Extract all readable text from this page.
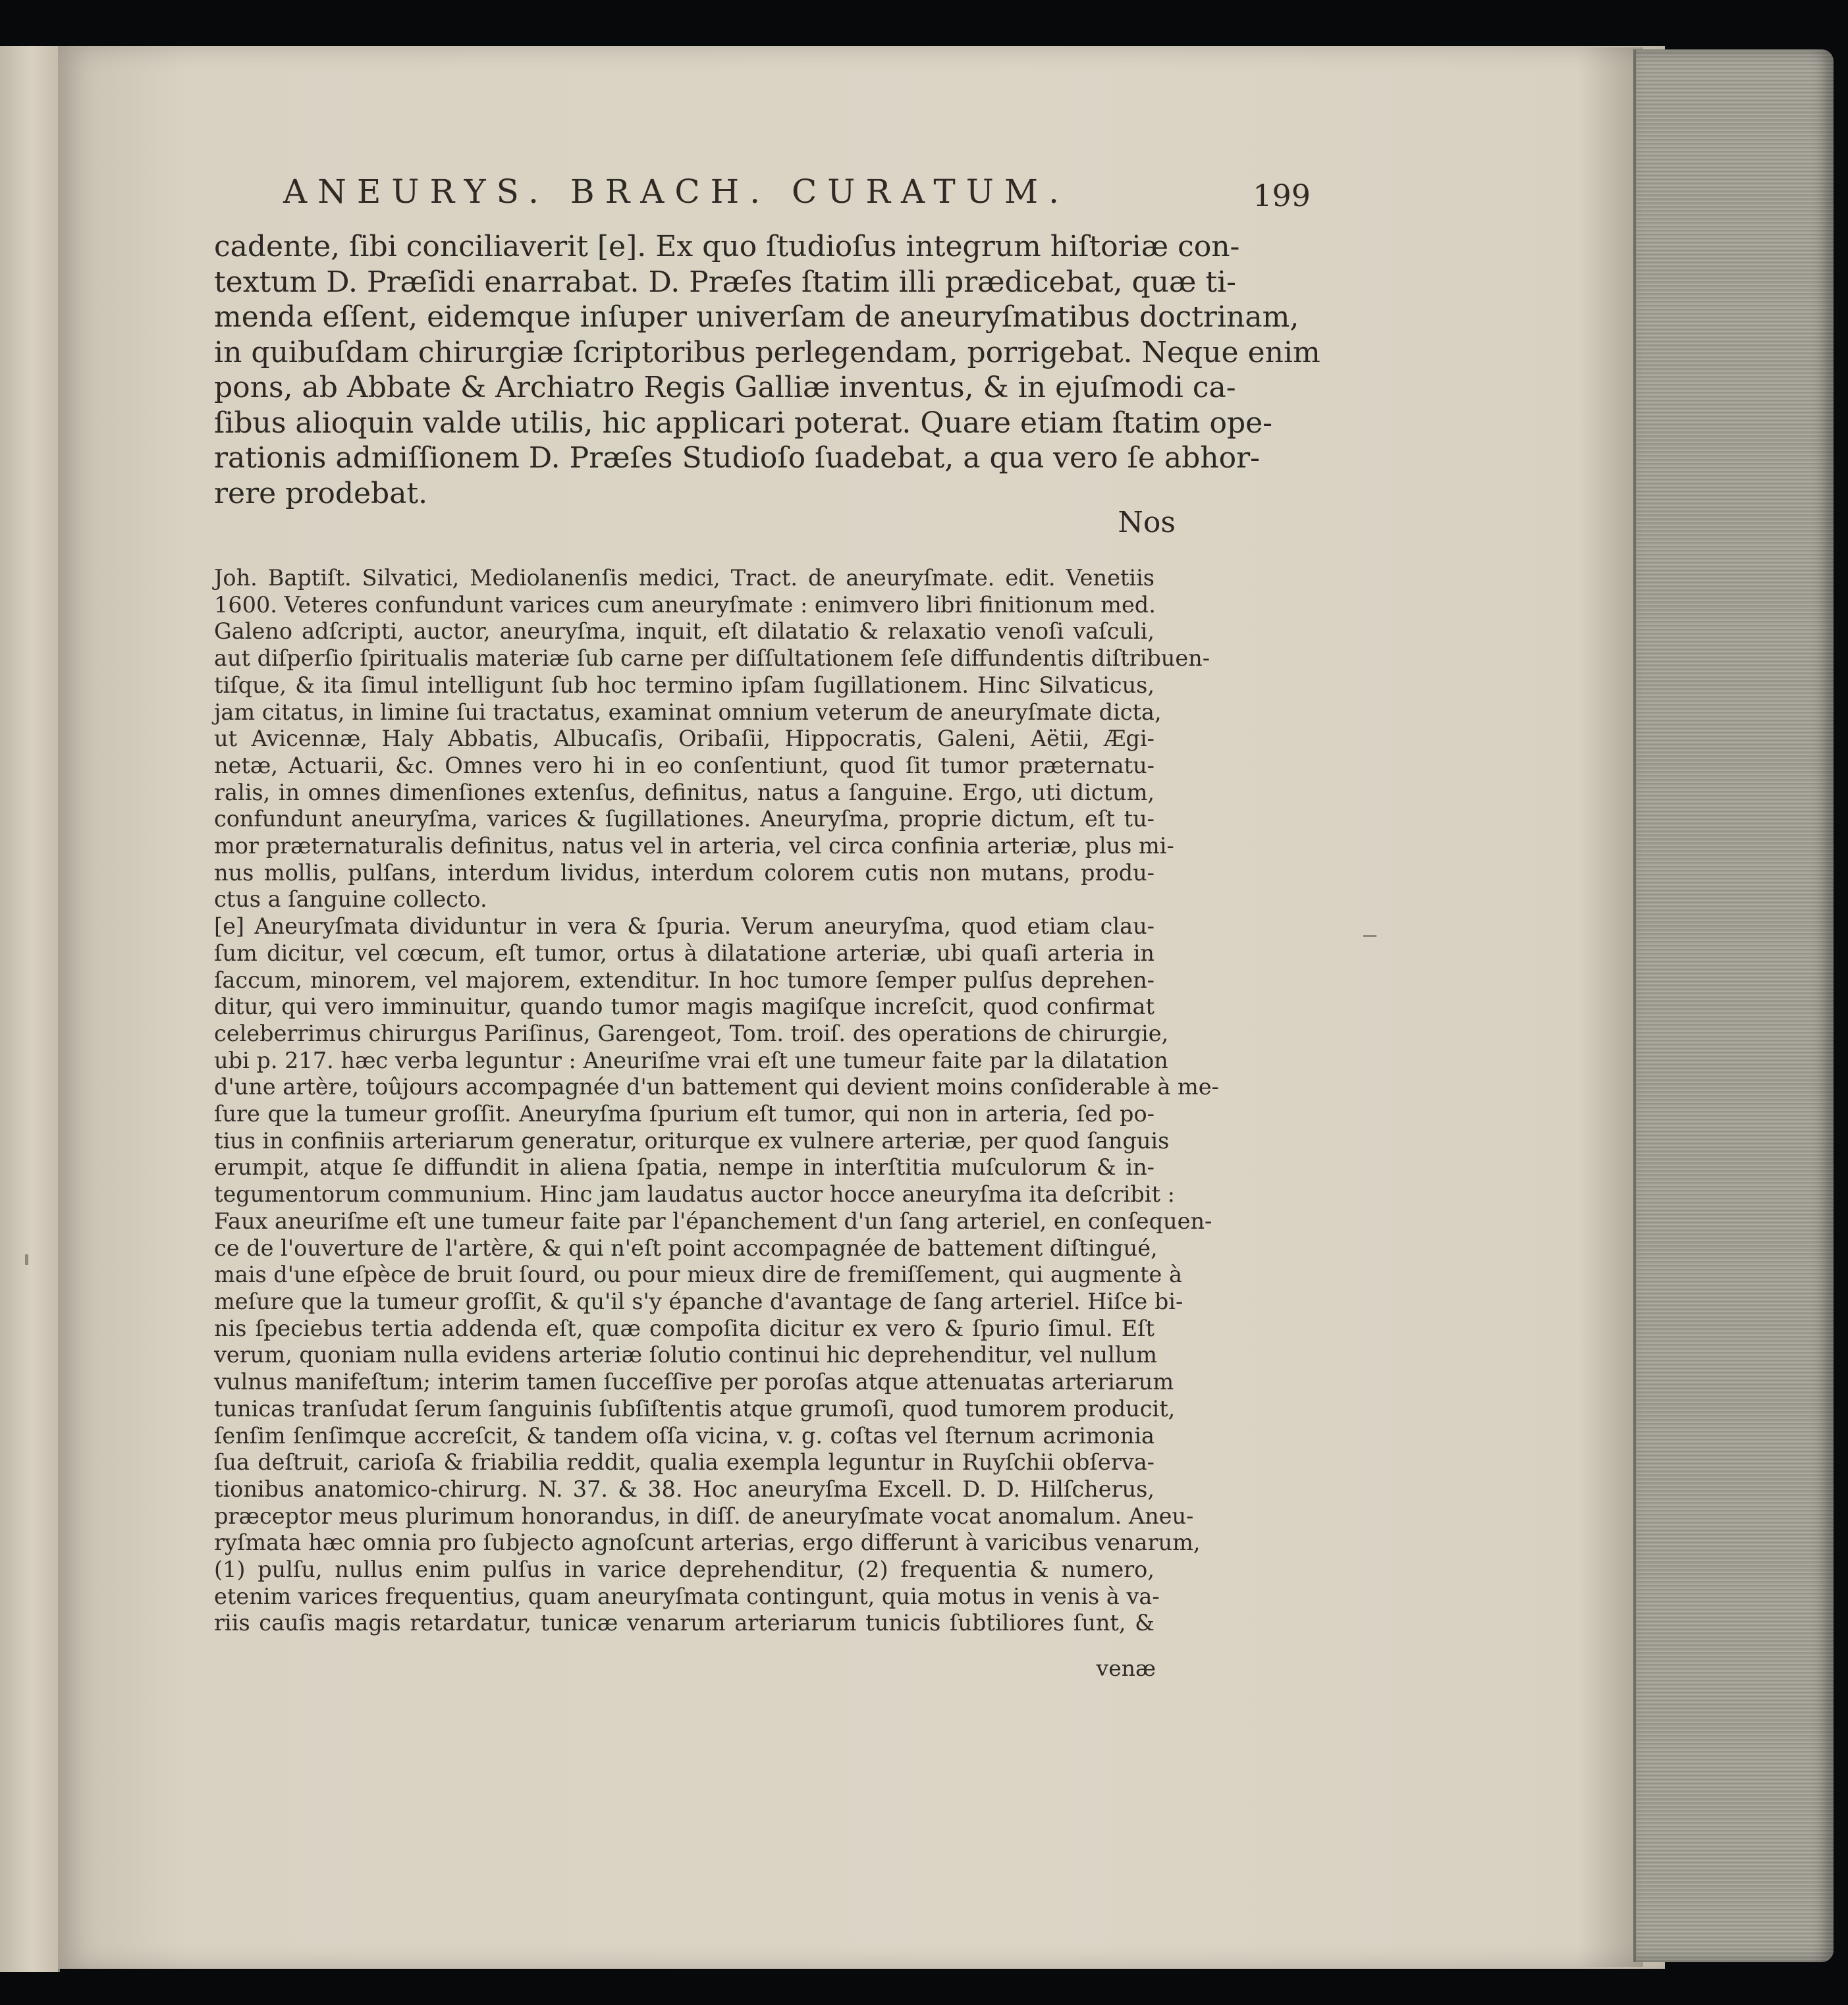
ANEURYS. BRACH. CURATUM.	199
cadente, ſibi conciliaverit [e]. Ex quo ſtudioſus integrum hiſtoriæ con-
textum D. Præſidi enarrabat. D. Præſes ſtatim illi prædicebat, quæ ti-
menda eſſent, eidemque inſuper univerſam de aneuryſmatibus doctrinam,
in quibuſdam chirurgiæ ſcriptoribus perlegendam, porrigebat. Neque enim
pons, ab Abbate & Archiatro Regis Galliæ inventus, & in ejuſmodi ca-
ſibus alioquin valde utilis, hic applicari poterat. Quare etiam ſtatim ope-
rationis admiſſionem D. Præſes Studioſo ſuadebat, a qua vero ſe abhor-
rere prodebat.
Nos
Joh. Baptiſt. Silvatici, Mediolanenſis medici, Tract. de aneuryſmate. edit. Venetiis
1600. Veteres confundunt varices cum aneuryſmate : enimvero libri finitionum med.
Galeno adſcripti, auctor, aneuryſma, inquit, eſt dilatatio & relaxatio venoſi vaſculi,
aut diſperſio ſpiritualis materiæ ſub carne per diſſultationem ſeſe diffundentis diſtribuen-
tiſque, & ita ſimul intelligunt ſub hoc termino ipſam ſugillationem. Hinc Silvaticus,
jam citatus, in limine ſui tractatus, examinat omnium veterum de aneuryſmate dicta,
ut Avicennæ, Haly Abbatis, Albucaſis, Oribaſii, Hippocratis, Galeni, Aëtii, Ægi-
netæ, Actuarii, &c. Omnes vero hi in eo conſentiunt, quod ſit tumor præternatu-
ralis, in omnes dimenſiones extenſus, definitus, natus a ſanguine. Ergo, uti dictum,
confundunt aneuryſma, varices & ſugillationes. Aneuryſma, proprie dictum, eſt tu-
mor præternaturalis definitus, natus vel in arteria, vel circa confinia arteriæ, plus mi-
nus mollis, pulſans, interdum lividus, interdum colorem cutis non mutans, produ-
ctus a ſanguine collecto.
[e] Aneuryſmata dividuntur in vera & ſpuria. Verum aneuryſma, quod etiam clau-
ſum dicitur, vel cœcum, eſt tumor, ortus à dilatatione arteriæ, ubi quaſi arteria in
ſaccum, minorem, vel majorem, extenditur. In hoc tumore ſemper pulſus deprehen-
ditur, qui vero imminuitur, quando tumor magis magiſque increſcit, quod confirmat
celeberrimus chirurgus Pariſinus, Garengeot, Tom. troiſ. des operations de chirurgie,
ubi p. 217. hæc verba leguntur : Aneuriſme vrai eſt une tumeur faite par la dilatation
d'une artère, toûjours accompagnée d'un battement qui devient moins conſiderable à me-
ſure que la tumeur groſſit. Aneuryſma ſpurium eſt tumor, qui non in arteria, ſed po-
tius in confiniis arteriarum generatur, oriturque ex vulnere arteriæ, per quod ſanguis
erumpit, atque ſe diffundit in aliena ſpatia, nempe in interſtitia muſculorum & in-
tegumentorum communium. Hinc jam laudatus auctor hocce aneuryſma ita deſcribit :
Faux aneuriſme eſt une tumeur faite par l'épanchement d'un ſang arteriel, en conſequen-
ce de l'ouverture de l'artère, & qui n'eſt point accompagnée de battement diſtingué,
mais d'une eſpèce de bruit ſourd, ou pour mieux dire de fremiſſement, qui augmente à
meſure que la tumeur groſſit, & qu'il s'y épanche d'avantage de ſang arteriel. Hiſce bi-
nis ſpeciebus tertia addenda eſt, quæ compoſita dicitur ex vero & ſpurio ſimul. Eſt
verum, quoniam nulla evidens arteriæ ſolutio continui hic deprehenditur, vel nullum
vulnus manifeſtum; interim tamen ſucceſſive per poroſas atque attenuatas arteriarum
tunicas tranſudat ſerum ſanguinis ſubſiſtentis atque grumoſi, quod tumorem producit,
ſenſim ſenſimque accreſcit, & tandem oſſa vicina, v. g. coſtas vel ſternum acrimonia
ſua deſtruit, carioſa & friabilia reddit, qualia exempla leguntur in Ruyſchii obſerva-
tionibus anatomico-chirurg. N. 37. & 38. Hoc aneuryſma Excell. D. D. Hilſcherus,
præceptor meus plurimum honorandus, in diſſ. de aneuryſmate vocat anomalum. Aneu-
ryſmata hæc omnia pro ſubjecto agnoſcunt arterias, ergo differunt à varicibus venarum,
(1) pulſu, nullus enim pulſus in varice deprehenditur, (2) frequentia & numero,
etenim varices frequentius, quam aneuryſmata contingunt, quia motus in venis à va-
riis cauſis magis retardatur, tunicæ venarum arteriarum tunicis ſubtiliores ſunt, &
venæ
